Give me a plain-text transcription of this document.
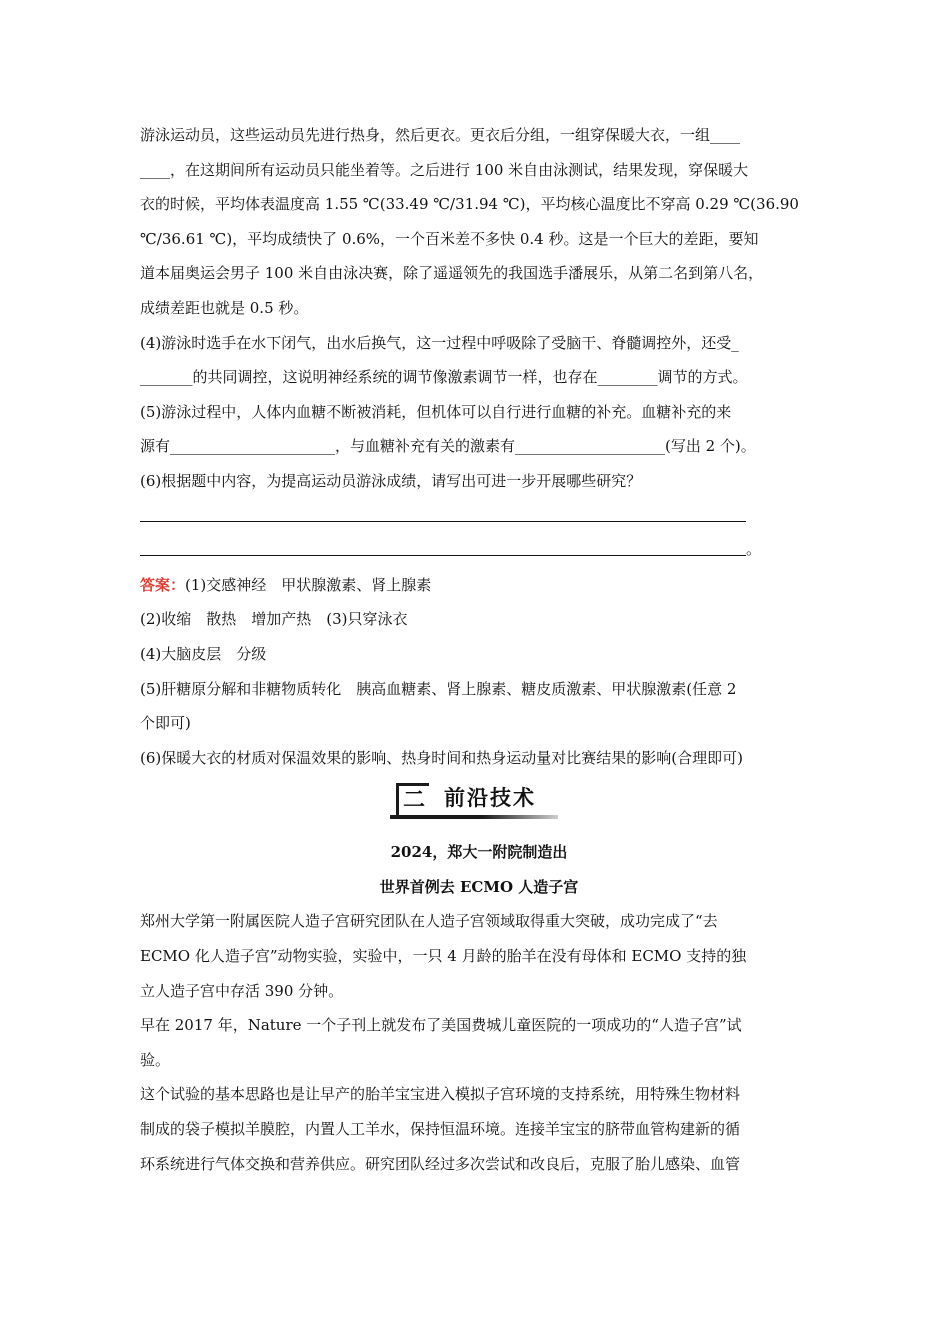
游泳运动员，这些运动员先进行热身，然后更衣。更衣后分组，一组穿保暖大衣，一组____
____，在这期间所有运动员只能坐着等。之后进行 100 米自由泳测试，结果发现，穿保暖大
衣的时候，平均体表温度高 1.55 ℃(33.49 ℃/31.94 ℃)，平均核心温度比不穿高 0.29 ℃(36.90
℃/36.61 ℃)，平均成绩快了 0.6%，一个百米差不多快 0.4 秒。这是一个巨大的差距，要知
道本届奥运会男子 100 米自由泳决赛，除了遥遥领先的我国选手潘展乐，从第二名到第八名，
成绩差距也就是 0.5 秒。
(4)游泳时选手在水下闭气，出水后换气，这一过程中呼吸除了受脑干、脊髓调控外，还受_
_______的共同调控，这说明神经系统的调节像激素调节一样，也存在________调节的方式。
(5)游泳过程中，人体内血糖不断被消耗，但机体可以自行进行血糖的补充。血糖补充的来
源有______________________，与血糖补充有关的激素有____________________(写出 2 个)。
(6)根据题中内容，为提高运动员游泳成绩，请写出可进一步开展哪些研究？
。
答案：(1)交感神经　甲状腺激素、肾上腺素
(2)收缩　散热　增加产热　(3)只穿泳衣
(4)大脑皮层　分级
(5)肝糖原分解和非糖物质转化　胰高血糖素、肾上腺素、糖皮质激素、甲状腺激素(任意 2
个即可)
(6)保暖大衣的材质对保温效果的影响、热身时间和热身运动量对比赛结果的影响(合理即可)
二 前沿技术
2024，郑大一附院制造出
世界首例去 ECMO 人造子宫
郑州大学第一附属医院人造子宫研究团队在人造子宫领域取得重大突破，成功完成了“去
ECMO 化人造子宫”动物实验，实验中，一只 4 月龄的胎羊在没有母体和 ECMO 支持的独
立人造子宫中存活 390 分钟。
早在 2017 年，Nature 一个子刊上就发布了美国费城儿童医院的一项成功的“人造子宫”试
验。
这个试验的基本思路也是让早产的胎羊宝宝进入模拟子宫环境的支持系统，用特殊生物材料
制成的袋子模拟羊膜腔，内置人工羊水，保持恒温环境。连接羊宝宝的脐带血管构建新的循
环系统进行气体交换和营养供应。研究团队经过多次尝试和改良后，克服了胎儿感染、血管
